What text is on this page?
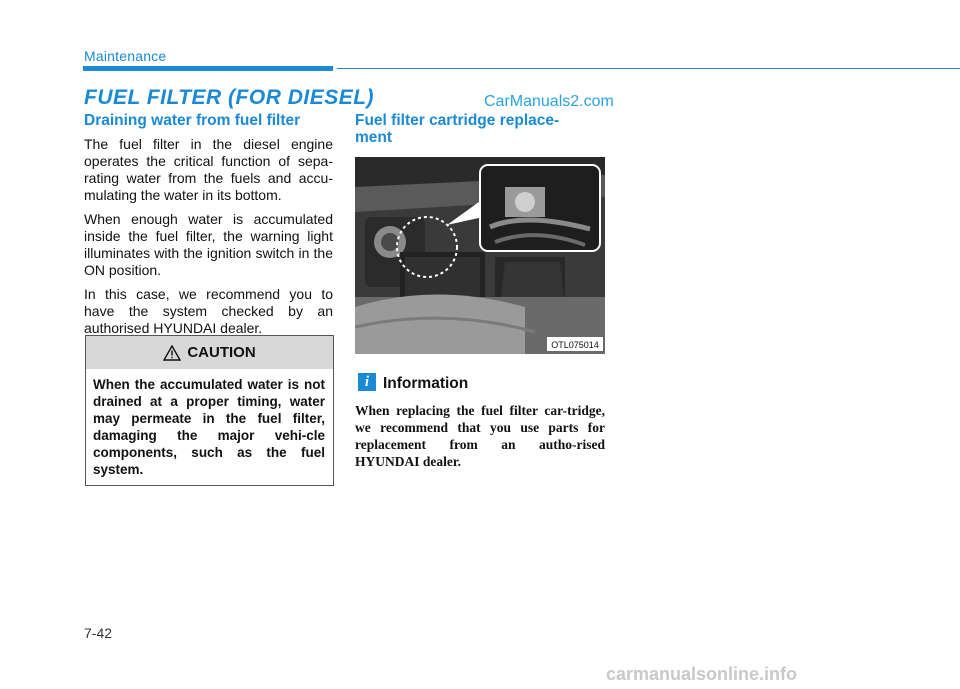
Maintenance
FUEL FILTER (FOR DIESEL)	CarManuals2.com
Draining water from fuel filter

The fuel filter in the diesel engine operates the critical function of sepa-rating water from the fuels and accu-mulating the water in its bottom.

When enough water is accumulated inside the fuel filter, the warning light illuminates with the ignition switch in the ON position.

In this case, we recommend you to have the system checked by an authorised HYUNDAI dealer.

CAUTION
When the accumulated water is not drained at a proper timing, water may permeate in the fuel filter, damaging the major vehi-cle components, such as the fuel system.
Fuel filter cartridge replace-
ment
OTL075014
i Information
When replacing the fuel filter car-tridge, we recommend that you use parts for replacement from an autho-rised HYUNDAI dealer.
7-42
carmanualsonline.info
